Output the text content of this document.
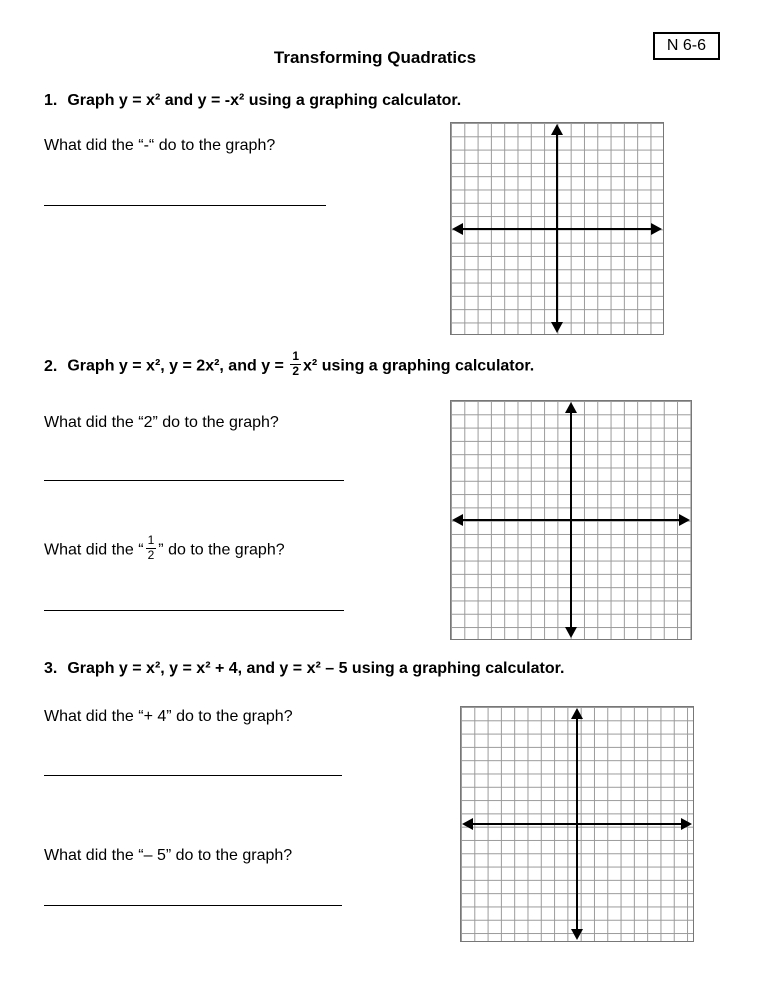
Transforming Quadratics
N 6-6
1. Graph y = x² and y = -x² using a graphing calculator.
What did the “-“ do to the graph?
2. Graph y = x², y = 2x², and $y = \frac{1}{2} x^2$ using a graphing calculator.
What did the “2” do to the graph?
What did the “ $\frac{1}{2}$ ” do to the graph?
3. Graph y = x², y = x² + 4, and y = x² – 5 using a graphing calculator.
What did the “+ 4” do to the graph?
What did the “– 5” do to the graph?
